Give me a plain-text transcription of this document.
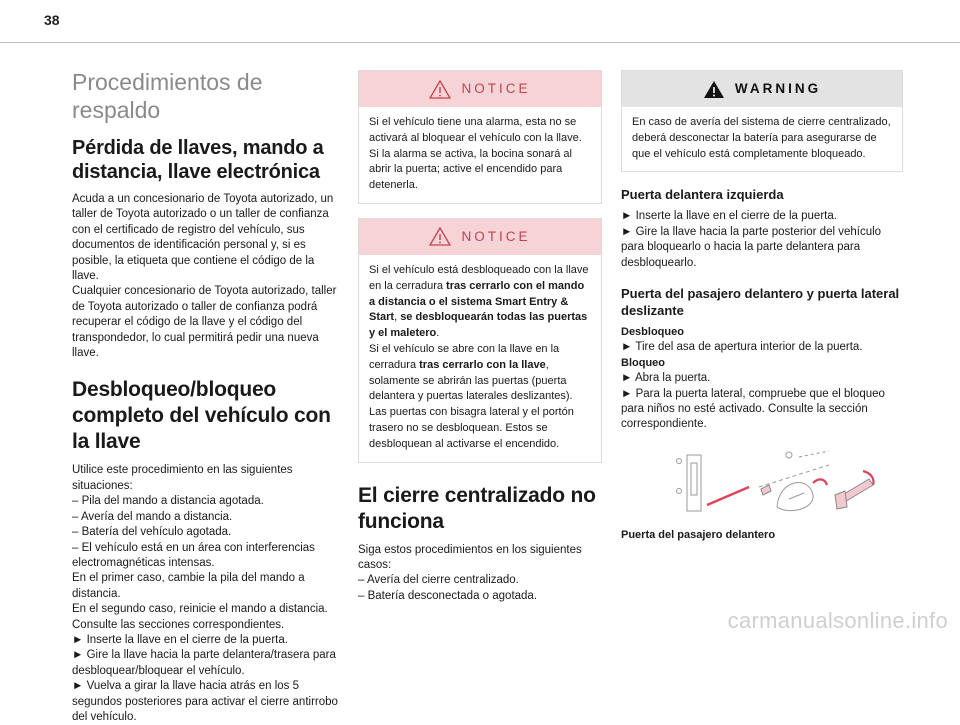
38
Procedimientos de respaldo
Pérdida de llaves, mando a distancia, llave electrónica

Acuda a un concesionario de Toyota autorizado, un taller de Toyota autorizado o un taller de confianza con el certificado de registro del vehículo, sus documentos de identificación personal y, si es posible, la etiqueta que contiene el código de la llave.

Cualquier concesionario de Toyota autorizado, taller de Toyota autorizado o taller de confianza podrá recuperar el código de la llave y el código del transpondedor, lo cual permitirá pedir una nueva llave.

Desbloqueo/bloqueo completo del vehículo con la llave

Utilice este procedimiento en las siguientes situaciones:

– Pila del mando a distancia agotada.

– Avería del mando a distancia.

– Batería del vehículo agotada.

– El vehículo está en un área con interferencias electromagnéticas intensas.

En el primer caso, cambie la pila del mando a distancia.

En el segundo caso, reinicie el mando a distancia.

Consulte las secciones correspondientes.

► Inserte la llave en el cierre de la puerta.

► Gire la llave hacia la parte delantera/trasera para desbloquear/bloquear el vehículo.

► Vuelva a girar la llave hacia atrás en los 5 segundos posteriores para activar el cierre antirrobo del vehículo.

NOTICE

Si el vehículo tiene una alarma, esta no se activará al bloquear el vehículo con la llave.

Si la alarma se activa, la bocina sonará al abrir la puerta; active el encendido para detenerla.

NOTICE

Si el vehículo está desbloqueado con la llave en la cerradura tras cerrarlo con el mando a distancia o el sistema Smart Entry & Start, se desbloquearán todas las puertas y el maletero.

Si el vehículo se abre con la llave en la cerradura tras cerrarlo con la llave, solamente se abrirán las puertas (puerta delantera y puertas laterales deslizantes). Las puertas con bisagra lateral y el portón trasero no se desbloquean. Estos se desbloquean al activarse el encendido.

El cierre centralizado no funciona

Siga estos procedimientos en los siguientes casos:

– Avería del cierre centralizado.

– Batería desconectada o agotada.

WARNING
En caso de avería del sistema de cierre centralizado, deberá desconectar la batería para asegurarse de que el vehículo está completamente bloqueado.
Puerta delantera izquierda

► Inserte la llave en el cierre de la puerta.

► Gire la llave hacia la parte posterior del vehículo para bloquearlo o hacia la parte delantera para desbloquearlo.

Puerta del pasajero delantero y puerta lateral deslizante

Desbloqueo

► Tire del asa de apertura interior de la puerta.

Bloqueo

► Abra la puerta.

► Para la puerta lateral, compruebe que el bloqueo para niños no esté activado. Consulte la sección correspondiente.

Puerta del pasajero delantero

carmanualsonline.info
